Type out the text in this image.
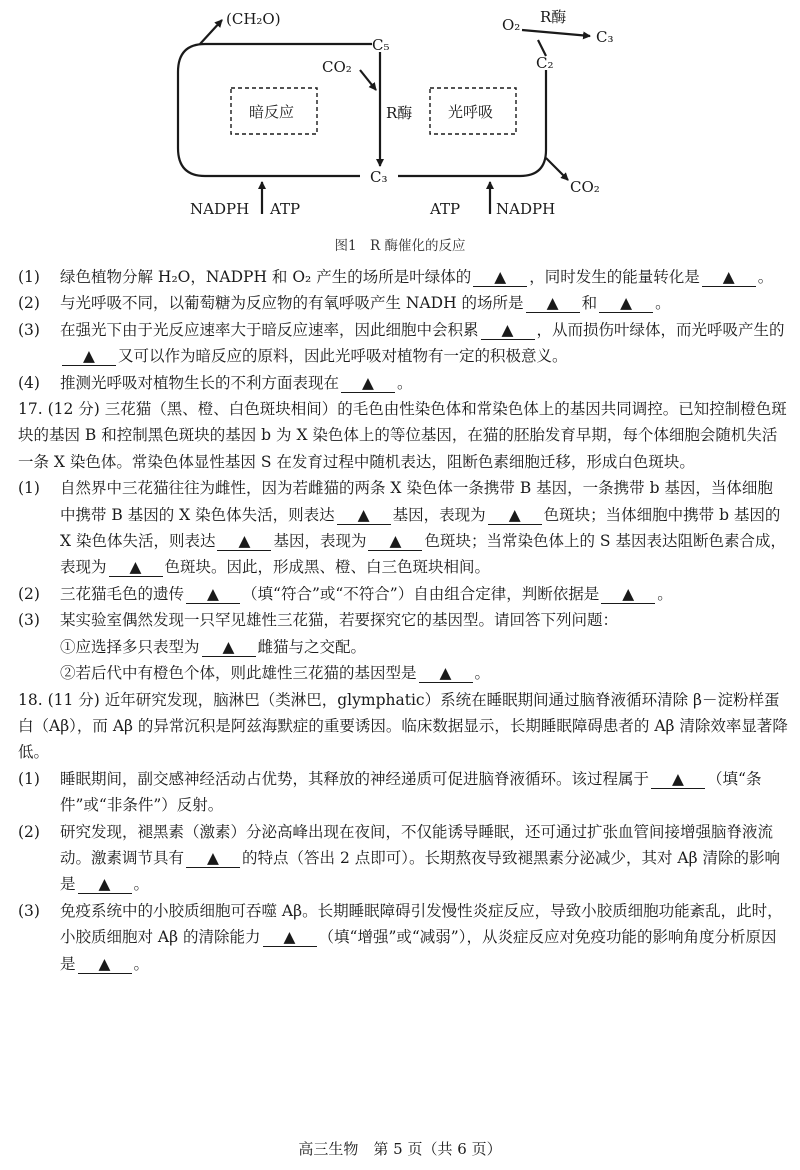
(CH₂O)
C₅
O₂ R酶
C₃
C₂
CO₂
R酶
暗反应	光呼吸
C₃
CO₂
NADPH ATP	ATP NADPH
图1　R 酶催化的反应
(1) 绿色植物分解 H₂O，NADPH 和 O₂ 产生的场所是叶绿体的 ▲ ，同时发生的能量转化是 ▲ 。
(2) 与光呼吸不同，以葡萄糖为反应物的有氧呼吸产生 NADH 的场所是 ▲ 和 ▲ 。
(3) 在强光下由于光反应速率大于暗反应速率，因此细胞中会积累 ▲ ，从而损伤叶绿体，而光呼吸产生的▲ 又可以作为暗反应的原料，因此光呼吸对植物有一定的积极意义。
(4) 推测光呼吸对植物生长的不利方面表现在 ▲ 。
17. (12 分) 三花猫（黑、橙、白色斑块相间）的毛色由性染色体和常染色体上的基因共同调控。已知控制橙色斑块的基因 B 和控制黑色斑块的基因 b 为 X 染色体上的等位基因，在猫的胚胎发育早期，每个体细胞会随机失活一条 X 染色体。常染色体显性基因 S 在发育过程中随机表达，阻断色素细胞迁移，形成白色斑块。
(1) 自然界中三花猫往往为雌性，因为若雌猫的两条 X 染色体一条携带 B 基因，一条携带 b 基因，当体细胞中携带 B 基因的 X 染色体失活，则表达 ▲ 基因，表现为 ▲ 色斑块；当体细胞中携带 b 基因的 X 染色体失活，则表达 ▲ 基因，表现为 ▲ 色斑块；当常染色体上的 S 基因表达阻断色素合成，表现为 ▲ 色斑块。因此，形成黑、橙、白三色斑块相间。
(2) 三花猫毛色的遗传 ▲ （填“符合”或“不符合”）自由组合定律，判断依据是 ▲ 。
(3) 某实验室偶然发现一只罕见雄性三花猫，若要探究它的基因型。请回答下列问题：
①应选择多只表型为 ▲ 雌猫与之交配。
②若后代中有橙色个体，则此雄性三花猫的基因型是 ▲ 。
18. (11 分) 近年研究发现，脑淋巴（类淋巴，glymphatic）系统在睡眠期间通过脑脊液循环清除 β－淀粉样蛋白（Aβ），而 Aβ 的异常沉积是阿兹海默症的重要诱因。临床数据显示，长期睡眠障碍患者的 Aβ 清除效率显著降低。
(1) 睡眠期间，副交感神经活动占优势，其释放的神经递质可促进脑脊液循环。该过程属于 ▲ （填“条件”或“非条件”）反射。
(2) 研究发现，褪黑素（激素）分泌高峰出现在夜间，不仅能诱导睡眠，还可通过扩张血管间接增强脑脊液流动。激素调节具有 ▲ 的特点（答出 2 点即可）。长期熬夜导致褪黑素分泌减少，其对 Aβ 清除的影响是 ▲ 。
(3) 免疫系统中的小胶质细胞可吞噬 Aβ。长期睡眠障碍引发慢性炎症反应，导致小胶质细胞功能紊乱，此时，小胶质细胞对 Aβ 的清除能力 ▲ （填“增强”或“减弱”），从炎症反应对免疫功能的影响角度分析原因是 ▲ 。
高三生物　第 5 页（共 6 页）
